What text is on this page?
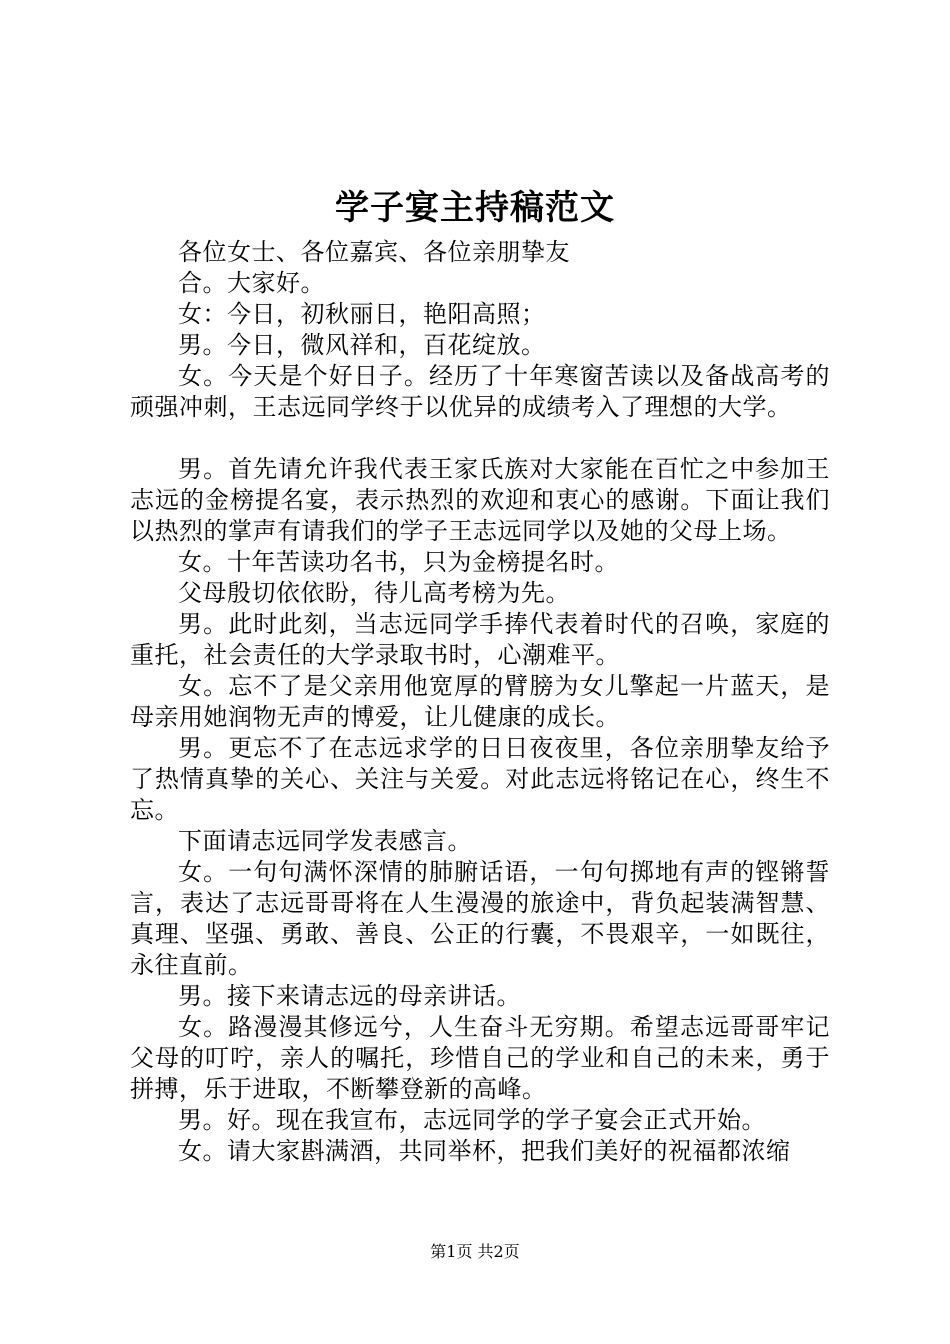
学子宴主持稿范文

各位女士、各位嘉宾、各位亲朋挚友

合。大家好。

女：今日，初秋丽日，艳阳高照；

男。今日，微风祥和，百花绽放。

女。今天是个好日子。经历了十年寒窗苦读以及备战高考的顽强冲刺，王志远同学终于以优异的成绩考入了理想的大学。

男。首先请允许我代表王家氏族对大家能在百忙之中参加王志远的金榜提名宴，表示热烈的欢迎和衷心的感谢。下面让我们以热烈的掌声有请我们的学子王志远同学以及她的父母上场。

女。十年苦读功名书，只为金榜提名时。

父母殷切依依盼，待儿高考榜为先。

男。此时此刻，当志远同学手捧代表着时代的召唤，家庭的重托，社会责任的大学录取书时，心潮难平。

女。忘不了是父亲用他宽厚的臂膀为女儿擎起一片蓝天，是母亲用她润物无声的博爱，让儿健康的成长。

男。更忘不了在志远求学的日日夜夜里，各位亲朋挚友给予了热情真挚的关心、关注与关爱。对此志远将铭记在心，终生不忘。

下面请志远同学发表感言。

女。一句句满怀深情的肺腑话语，一句句掷地有声的铿锵誓言，表达了志远哥哥将在人生漫漫的旅途中，背负起装满智慧、真理、坚强、勇敢、善良、公正的行囊，不畏艰辛，一如既往，永往直前。

男。接下来请志远的母亲讲话。

女。路漫漫其修远兮，人生奋斗无穷期。希望志远哥哥牢记父母的叮咛，亲人的嘱托，珍惜自己的学业和自己的未来，勇于拼搏，乐于进取，不断攀登新的高峰。

男。好。现在我宣布，志远同学的学子宴会正式开始。

女。请大家斟满酒，共同举杯，把我们美好的祝福都浓缩

第1页 共2页
